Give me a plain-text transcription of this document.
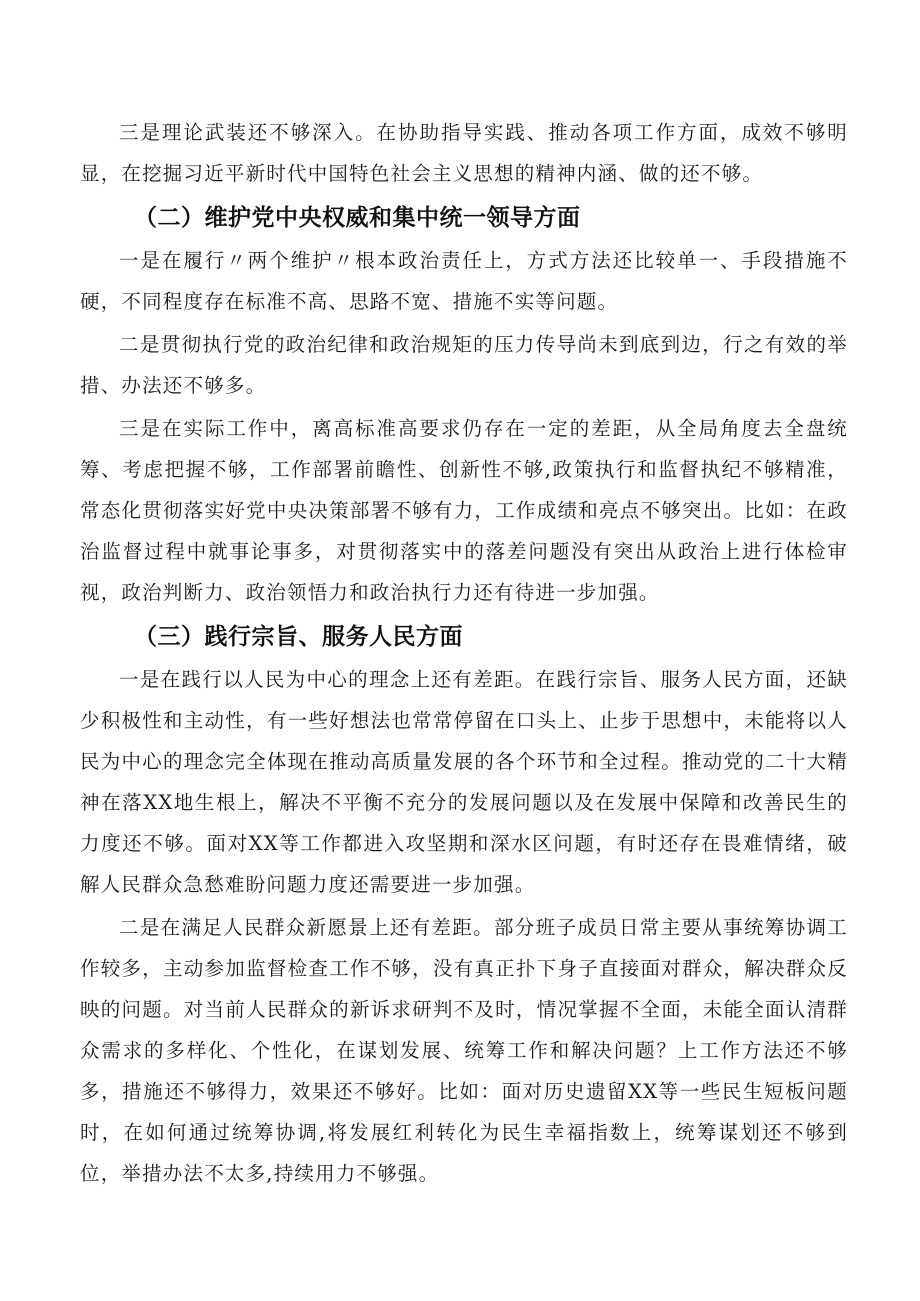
三是理论武装还不够深入。在协助指导实践、推动各项工作方面，成效不够明显，在挖掘习近平新时代中国特色社会主义思想的精神内涵、做的还不够。

（二）维护党中央权威和集中统一领导方面

一是在履行〃两个维护〃根本政治责任上，方式方法还比较单一、手段措施不硬，不同程度存在标准不高、思路不宽、措施不实等问题。

二是贯彻执行党的政治纪律和政治规矩的压力传导尚未到底到边，行之有效的举措、办法还不够多。

三是在实际工作中，离高标准高要求仍存在一定的差距，从全局角度去全盘统筹、考虑把握不够，工作部署前瞻性、创新性不够,政策执行和监督执纪不够精准，常态化贯彻落实好党中央决策部署不够有力，工作成绩和亮点不够突出。比如：在政治监督过程中就事论事多，对贯彻落实中的落差问题没有突出从政治上进行体检审视，政治判断力、政治领悟力和政治执行力还有待进一步加强。

（三）践行宗旨、服务人民方面

一是在践行以人民为中心的理念上还有差距。在践行宗旨、服务人民方面，还缺少积极性和主动性，有一些好想法也常常停留在口头上、止步于思想中，未能将以人民为中心的理念完全体现在推动高质量发展的各个环节和全过程。推动党的二十大精神在落XX地生根上，解决不平衡不充分的发展问题以及在发展中保障和改善民生的力度还不够。面对XX等工作都进入攻坚期和深水区问题，有时还存在畏难情绪，破解人民群众急愁难盼问题力度还需要进一步加强。

二是在满足人民群众新愿景上还有差距。部分班子成员日常主要从事统筹协调工作较多，主动参加监督检查工作不够，没有真正扑下身子直接面对群众，解决群众反映的问题。对当前人民群众的新诉求研判不及时，情况掌握不全面，未能全面认清群众需求的多样化、个性化，在谋划发展、统筹工作和解决问题？上工作方法还不够多，措施还不够得力，效果还不够好。比如：面对历史遗留XX等一些民生短板问题时，在如何通过统筹协调,将发展红利转化为民生幸福指数上，统筹谋划还不够到位，举措办法不太多,持续用力不够强。
